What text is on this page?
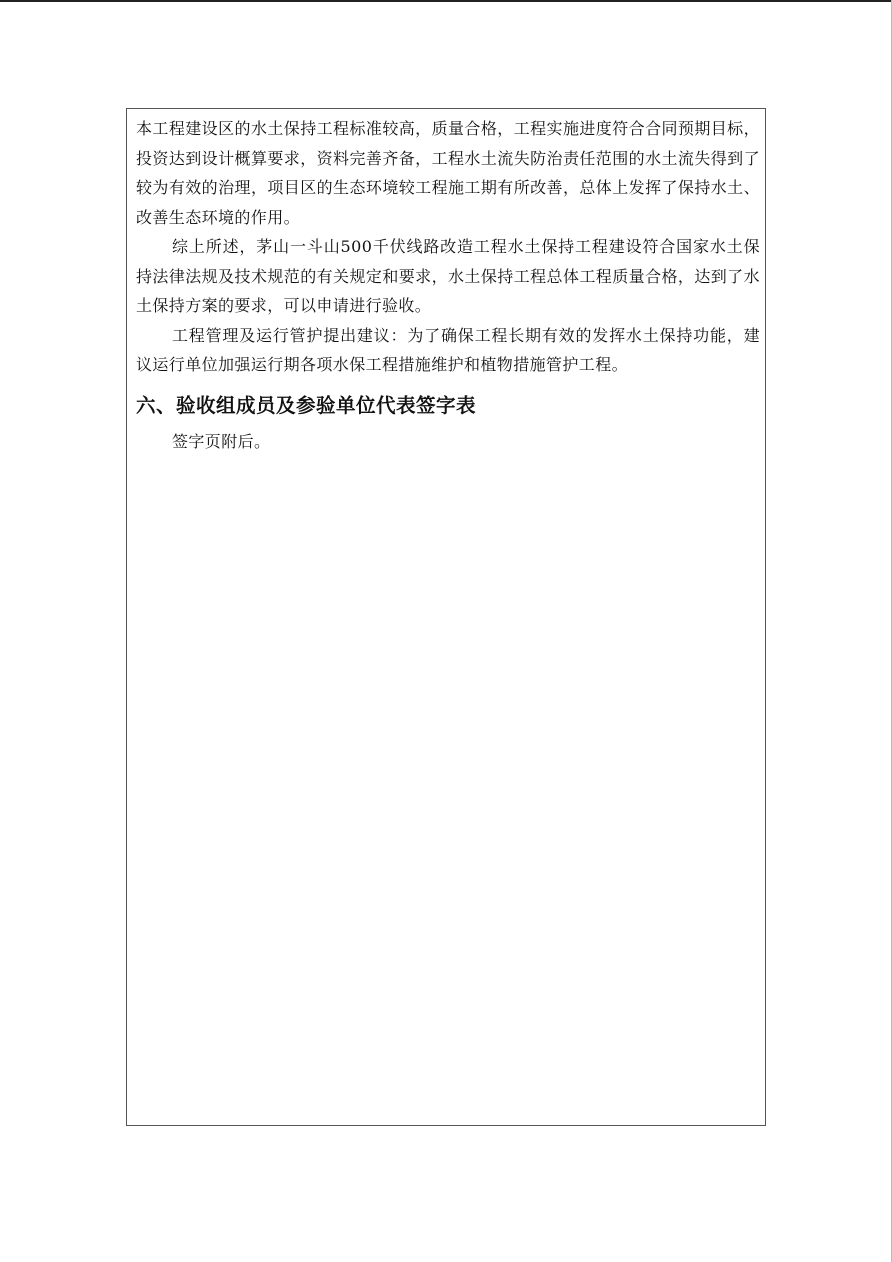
本工程建设区的水土保持工程标准较高，质量合格，工程实施进度符合合同预期目标，投资达到设计概算要求，资料完善齐备，工程水土流失防治责任范围的水土流失得到了较为有效的治理，项目区的生态环境较工程施工期有所改善，总体上发挥了保持水土、改善生态环境的作用。

综上所述，茅山一斗山500千伏线路改造工程水土保持工程建设符合国家水土保持法律法规及技术规范的有关规定和要求，水土保持工程总体工程质量合格，达到了水土保持方案的要求，可以申请进行验收。

工程管理及运行管护提出建议：为了确保工程长期有效的发挥水土保持功能，建议运行单位加强运行期各项水保工程措施维护和植物措施管护工程。

六、验收组成员及参验单位代表签字表

签字页附后。
